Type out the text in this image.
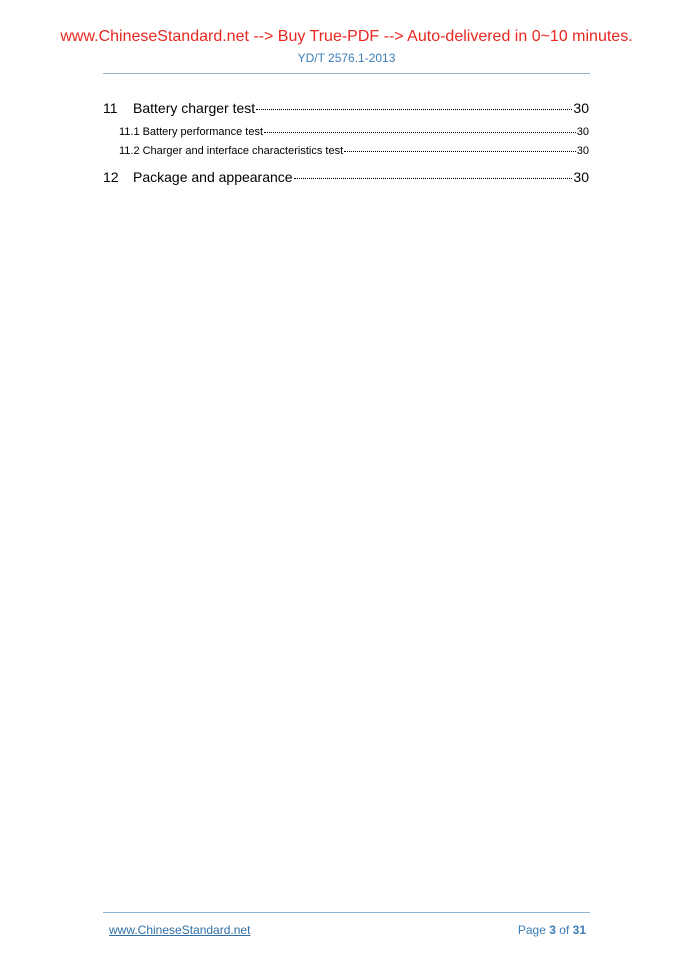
www.ChineseStandard.net --> Buy True-PDF --> Auto-delivered in 0~10 minutes.
YD/T 2576.1-2013
11	Battery charger test	30
11.1 Battery performance test	30
11.2 Charger and interface characteristics test	30
12	Package and appearance	30
www.ChineseStandard.net	Page 3 of 31
